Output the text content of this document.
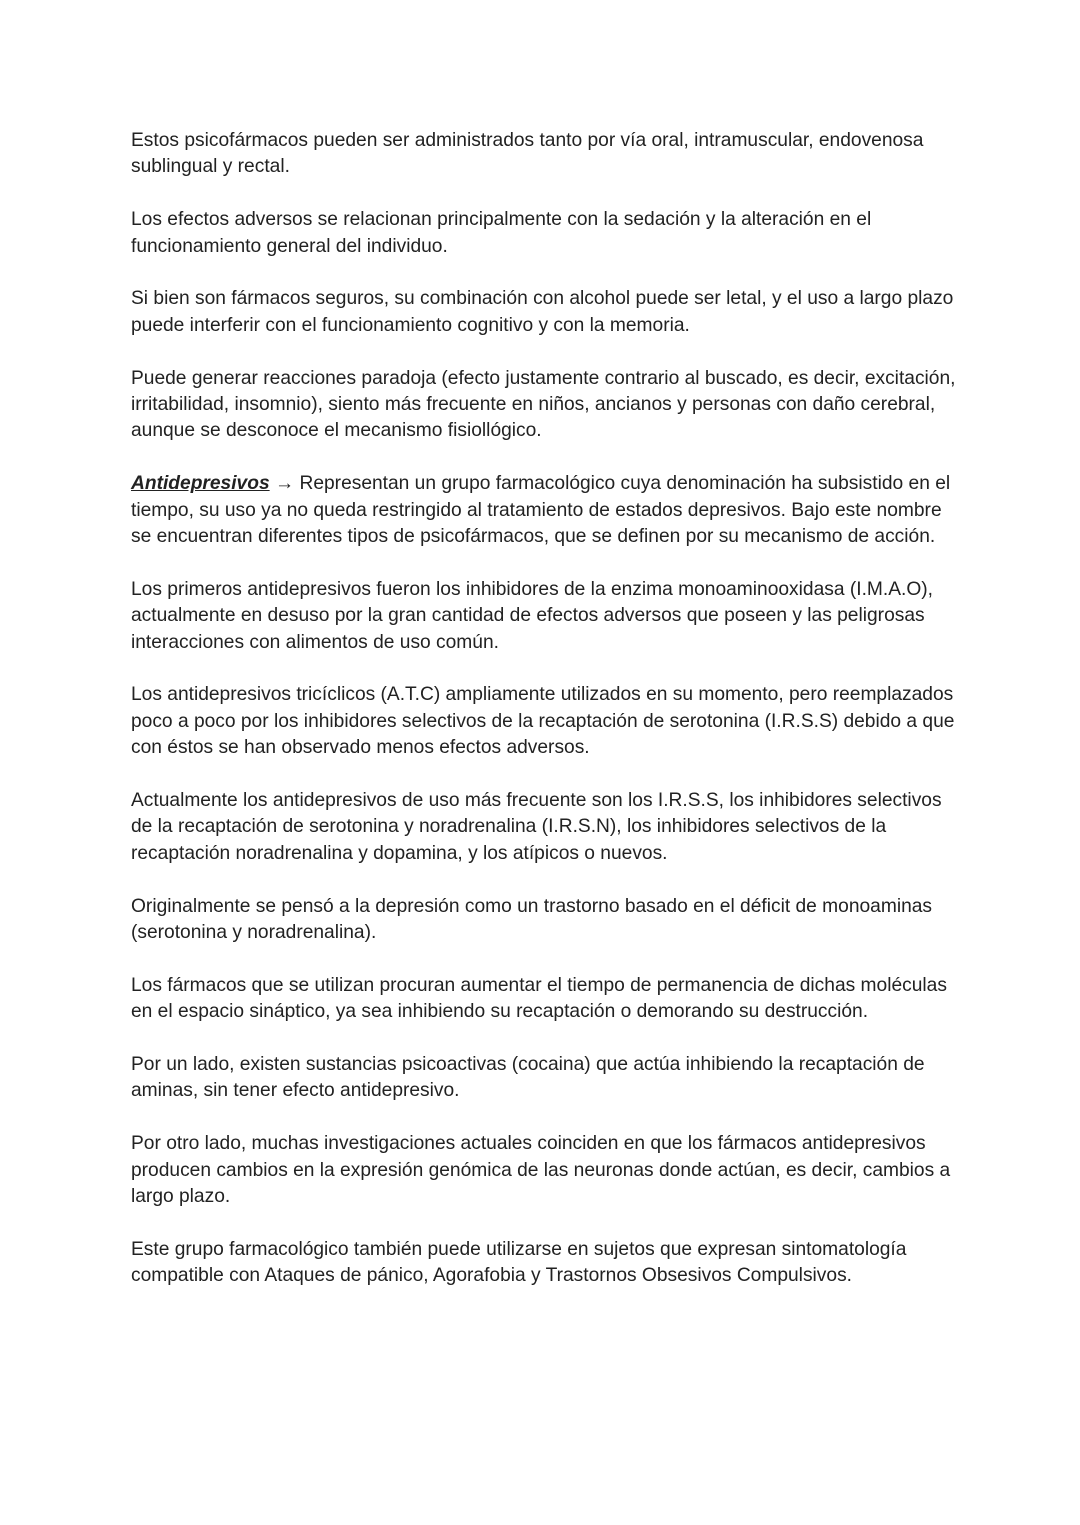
Estos psicofármacos pueden ser administrados tanto por vía oral, intramuscular, endovenosa sublingual y rectal.

Los efectos adversos se relacionan principalmente con la sedación y la alteración en el funcionamiento general del individuo.

Si bien son fármacos seguros, su combinación con alcohol puede ser letal, y el uso a largo plazo puede interferir con el funcionamiento cognitivo y con la memoria.

Puede generar reacciones paradoja (efecto justamente contrario al buscado, es decir, excitación, irritabilidad, insomnio), siento más frecuente en niños, ancianos y personas con daño cerebral, aunque se desconoce el mecanismo fisiollógico.

Antidepresivos → Representan un grupo farmacológico cuya denominación ha subsistido en el tiempo, su uso ya no queda restringido al tratamiento de estados depresivos. Bajo este nombre se encuentran diferentes tipos de psicofármacos, que se definen por su mecanismo de acción.

Los primeros antidepresivos fueron los inhibidores de la enzima monoaminooxidasa (I.M.A.O), actualmente en desuso por la gran cantidad de efectos adversos que poseen y las peligrosas interacciones con alimentos de uso común.

Los antidepresivos tricíclicos (A.T.C) ampliamente utilizados en su momento, pero reemplazados poco a poco por los inhibidores selectivos de la recaptación de serotonina (I.R.S.S) debido a que con éstos se han observado menos efectos adversos.

Actualmente los antidepresivos de uso más frecuente son los I.R.S.S, los inhibidores selectivos de la recaptación de serotonina y noradrenalina (I.R.S.N), los inhibidores selectivos de la recaptación noradrenalina y dopamina, y los atípicos o nuevos.

Originalmente se pensó a la depresión como un trastorno basado en el déficit de monoaminas (serotonina y noradrenalina).

Los fármacos que se utilizan procuran aumentar el tiempo de permanencia de dichas moléculas en el espacio sináptico, ya sea inhibiendo su recaptación o demorando su destrucción.

Por un lado, existen sustancias psicoactivas (cocaina) que actúa inhibiendo la recaptación de aminas, sin tener efecto antidepresivo.

Por otro lado, muchas investigaciones actuales coinciden en que los fármacos antidepresivos producen cambios en la expresión genómica de las neuronas donde actúan, es decir, cambios a largo plazo.

Este grupo farmacológico también puede utilizarse en sujetos que expresan sintomatología compatible con Ataques de pánico, Agorafobia y Trastornos Obsesivos Compulsivos.
